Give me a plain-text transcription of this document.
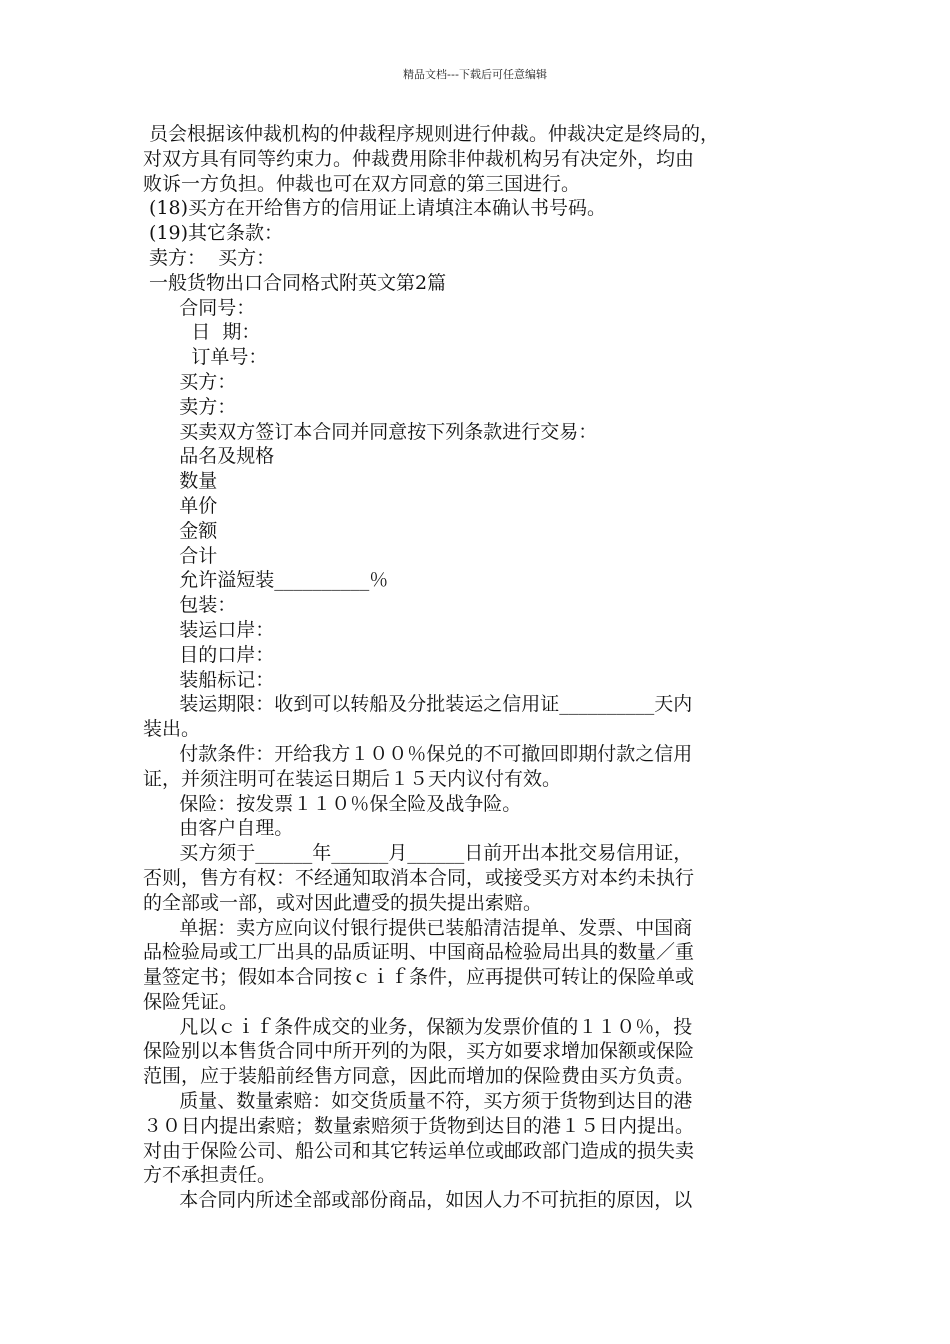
精品文档---下载后可任意编辑
员会根据该仲裁机构的仲裁程序规则进行仲裁。仲裁决定是终局的，
对双方具有同等约束力。仲裁费用除非仲裁机构另有决定外，均由
败诉一方负担。仲裁也可在双方同意的第三国进行。
(18)买方在开给售方的信用证上请填注本确认书号码。
(19)其它条款：
卖方：  买方：
一般货物出口合同格式附英文第2篇
合同号：
日  期：
订单号：
买方：
卖方：
买卖双方签订本合同并同意按下列条款进行交易：
品名及规格
数量
单价
金额
合计
允许溢短装__________％
包装：
装运口岸：
目的口岸：
装船标记：
装运期限：收到可以转船及分批装运之信用证__________天内
装出。
付款条件：开给我方１００％保兑的不可撤回即期付款之信用
证，并须注明可在装运日期后１５天内议付有效。
保险：按发票１１０％保全险及战争险。
由客户自理。
买方须于______年______月______日前开出本批交易信用证，
否则，售方有权：不经通知取消本合同，或接受买方对本约未执行
的全部或一部，或对因此遭受的损失提出索赔。
单据：卖方应向议付银行提供已装船清洁提单、发票、中国商
品检验局或工厂出具的品质证明、中国商品检验局出具的数量／重
量签定书；假如本合同按ｃｉｆ条件，应再提供可转让的保险单或
保险凭证。
凡以ｃｉｆ条件成交的业务，保额为发票价值的１１０％，投
保险别以本售货合同中所开列的为限，买方如要求增加保额或保险
范围，应于装船前经售方同意，因此而增加的保险费由买方负责。
质量、数量索赔：如交货质量不符，买方须于货物到达目的港
３０日内提出索赔；数量索赔须于货物到达目的港１５日内提出。
对由于保险公司、船公司和其它转运单位或邮政部门造成的损失卖
方不承担责任。
本合同内所述全部或部份商品，如因人力不可抗拒的原因，以
